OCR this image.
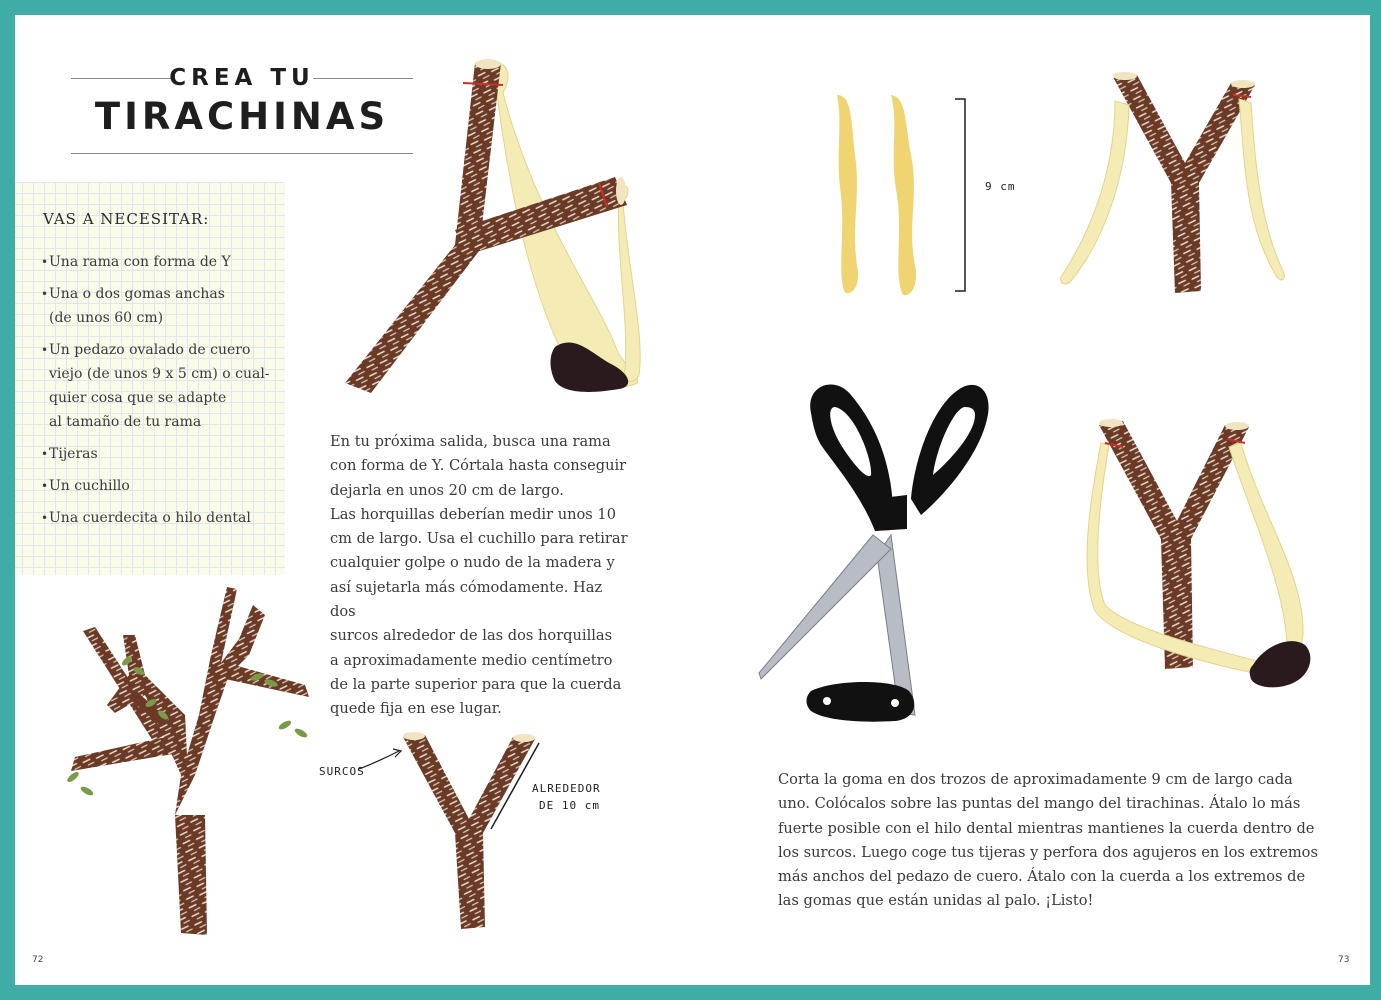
CREA TU
TIRACHINAS
VAS A NECESITAR:
• Una rama con forma de Y
• Una o dos gomas anchas
(de unos 60 cm)
• Un pedazo ovalado de cuero
viejo (de unos 9 x 5 cm) o cual-
quier cosa que se adapte
al tamaño de tu rama
• Tijeras
• Un cuchillo
• Una cuerdecita o hilo dental
En tu próxima salida, busca una rama
con forma de Y. Córtala hasta conseguir
dejarla en unos 20 cm de largo.
Las horquillas deberían medir unos 10
cm de largo. Usa el cuchillo para retirar
cualquier golpe o nudo de la madera y
así sujetarla más cómodamente. Haz dos
surcos alrededor de las dos horquillas
a aproximadamente medio centímetro
de la parte superior para que la cuerda
quede fija en ese lugar.
Corta la goma en dos trozos de aproximadamente 9 cm de largo cada
uno. Colócalos sobre las puntas del mango del tirachinas. Átalo lo más
fuerte posible con el hilo dental mientras mantienes la cuerda dentro de
los surcos. Luego coge tus tijeras y perfora dos agujeros en los extremos
más anchos del pedazo de cuero. Átalo con la cuerda a los extremos de
las gomas que están unidas al palo. ¡Listo!
SURCOS
ALREDEDOR
DE 10 cm
9 cm
72	73
